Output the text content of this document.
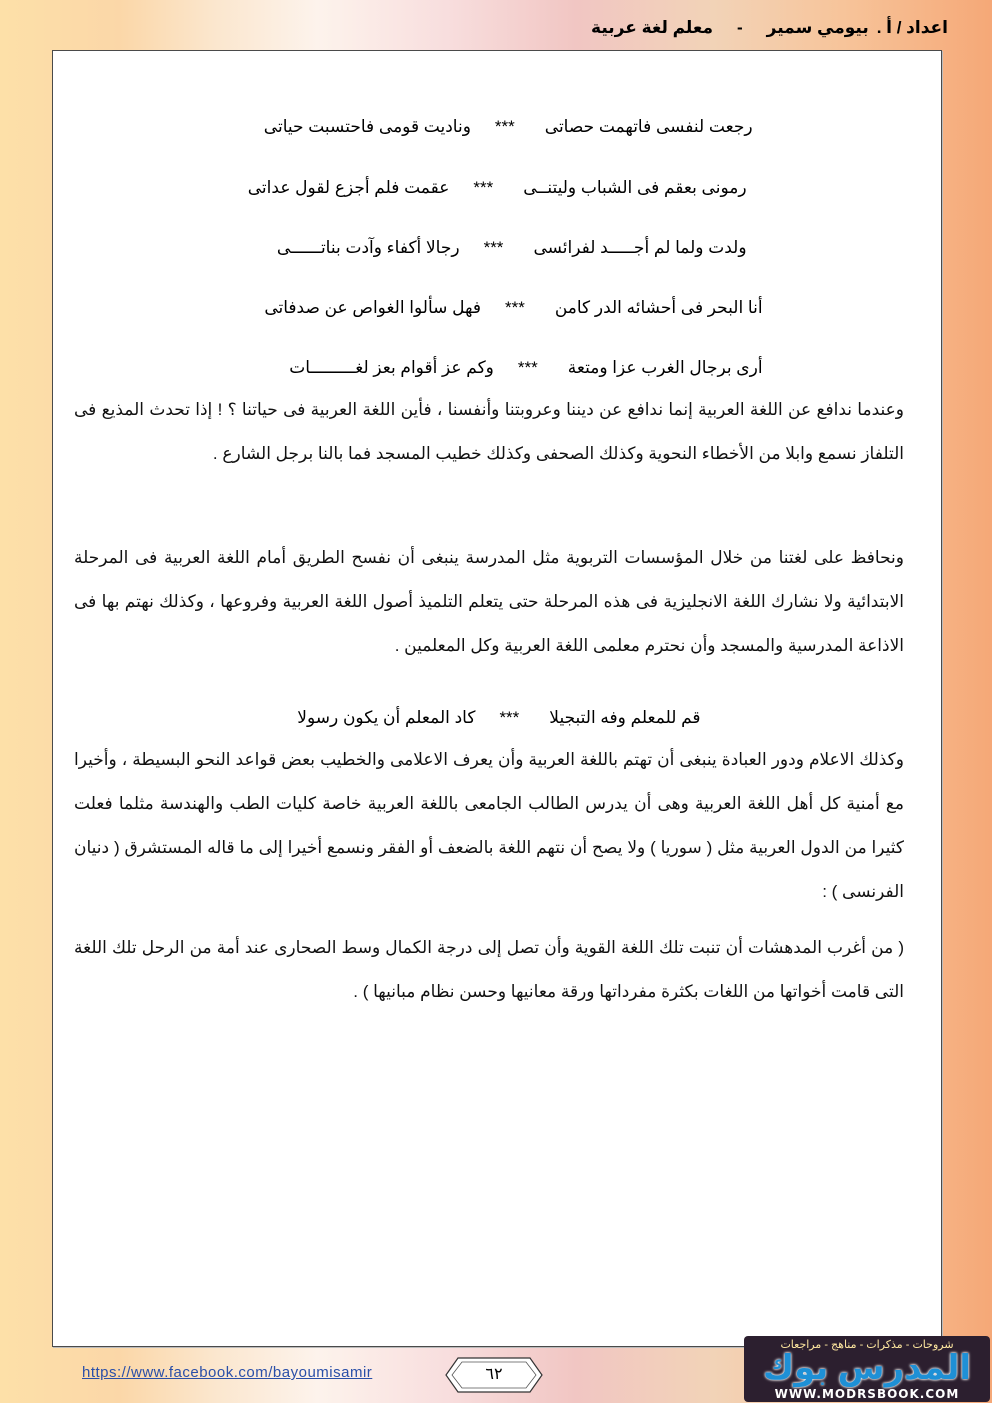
اعداد / أ .
بيومي سمير
-
معلم لغة عربية

رجعت لنفسى فاتهمت حصاتى***وناديت قومى فاحتسبت حياتى

رمونى بعقم فى الشباب وليتنــى***عقمت فلم أجزع لقول عداتى

ولدت ولما لم أجـــــد لفرائسى***رجالا أكفاء وآدت بناتــــــى

أنا البحر فى أحشائه الدر كامن***فهل سألوا الغواص عن صدفاتى

أرى برجال الغرب عزا ومتعة***وكم عز أقوام بعز لغـــــــــات

وعندما ندافع عن اللغة العربية إنما ندافع عن ديننا وعروبتنا وأنفسنا ، فأين اللغة العربية فى حياتنا ؟ ! إذا تحدث المذيع فى التلفاز نسمع وابلا من الأخطاء النحوية وكذلك الصحفى وكذلك خطيب المسجد فما بالنا برجل الشارع .
ونحافظ على لغتنا من خلال المؤسسات التربوية مثل المدرسة ينبغى أن نفسح الطريق أمام اللغة العربية فى المرحلة الابتدائية ولا نشارك اللغة الانجليزية فى هذه المرحلة حتى يتعلم التلميذ أصول اللغة العربية وفروعها ، وكذلك نهتم بها فى الاذاعة المدرسية والمسجد وأن نحترم معلمى اللغة العربية وكل المعلمين .

قم للمعلم وفه التبجيلا***كاد المعلم أن يكون رسولا

وكذلك الاعلام ودور العبادة ينبغى أن تهتم باللغة العربية وأن يعرف الاعلامى والخطيب بعض قواعد النحو البسيطة ، وأخيرا مع أمنية كل أهل اللغة العربية وهى أن يدرس الطالب الجامعى باللغة العربية خاصة كليات الطب والهندسة مثلما فعلت كثيرا من الدول العربية مثل ( سوريا ) ولا يصح أن نتهم اللغة بالضعف أو الفقر ونسمع أخيرا إلى ما قاله المستشرق ( دنيان الفرنسى ) :
( من أغرب المدهشات أن تنبت تلك اللغة القوية وأن تصل إلى درجة الكمال وسط الصحارى عند أمة من الرحل تلك اللغة التى قامت أخواتها من اللغات بكثرة مفرداتها ورقة معانيها وحسن نظام مبانيها ) .
https://www.facebook.com/bayoumisamir	٦٢
شروحات - مذكرات - مناهج - مراجعات
المدرس بوك
WWW.MODRSBOOK.COM
